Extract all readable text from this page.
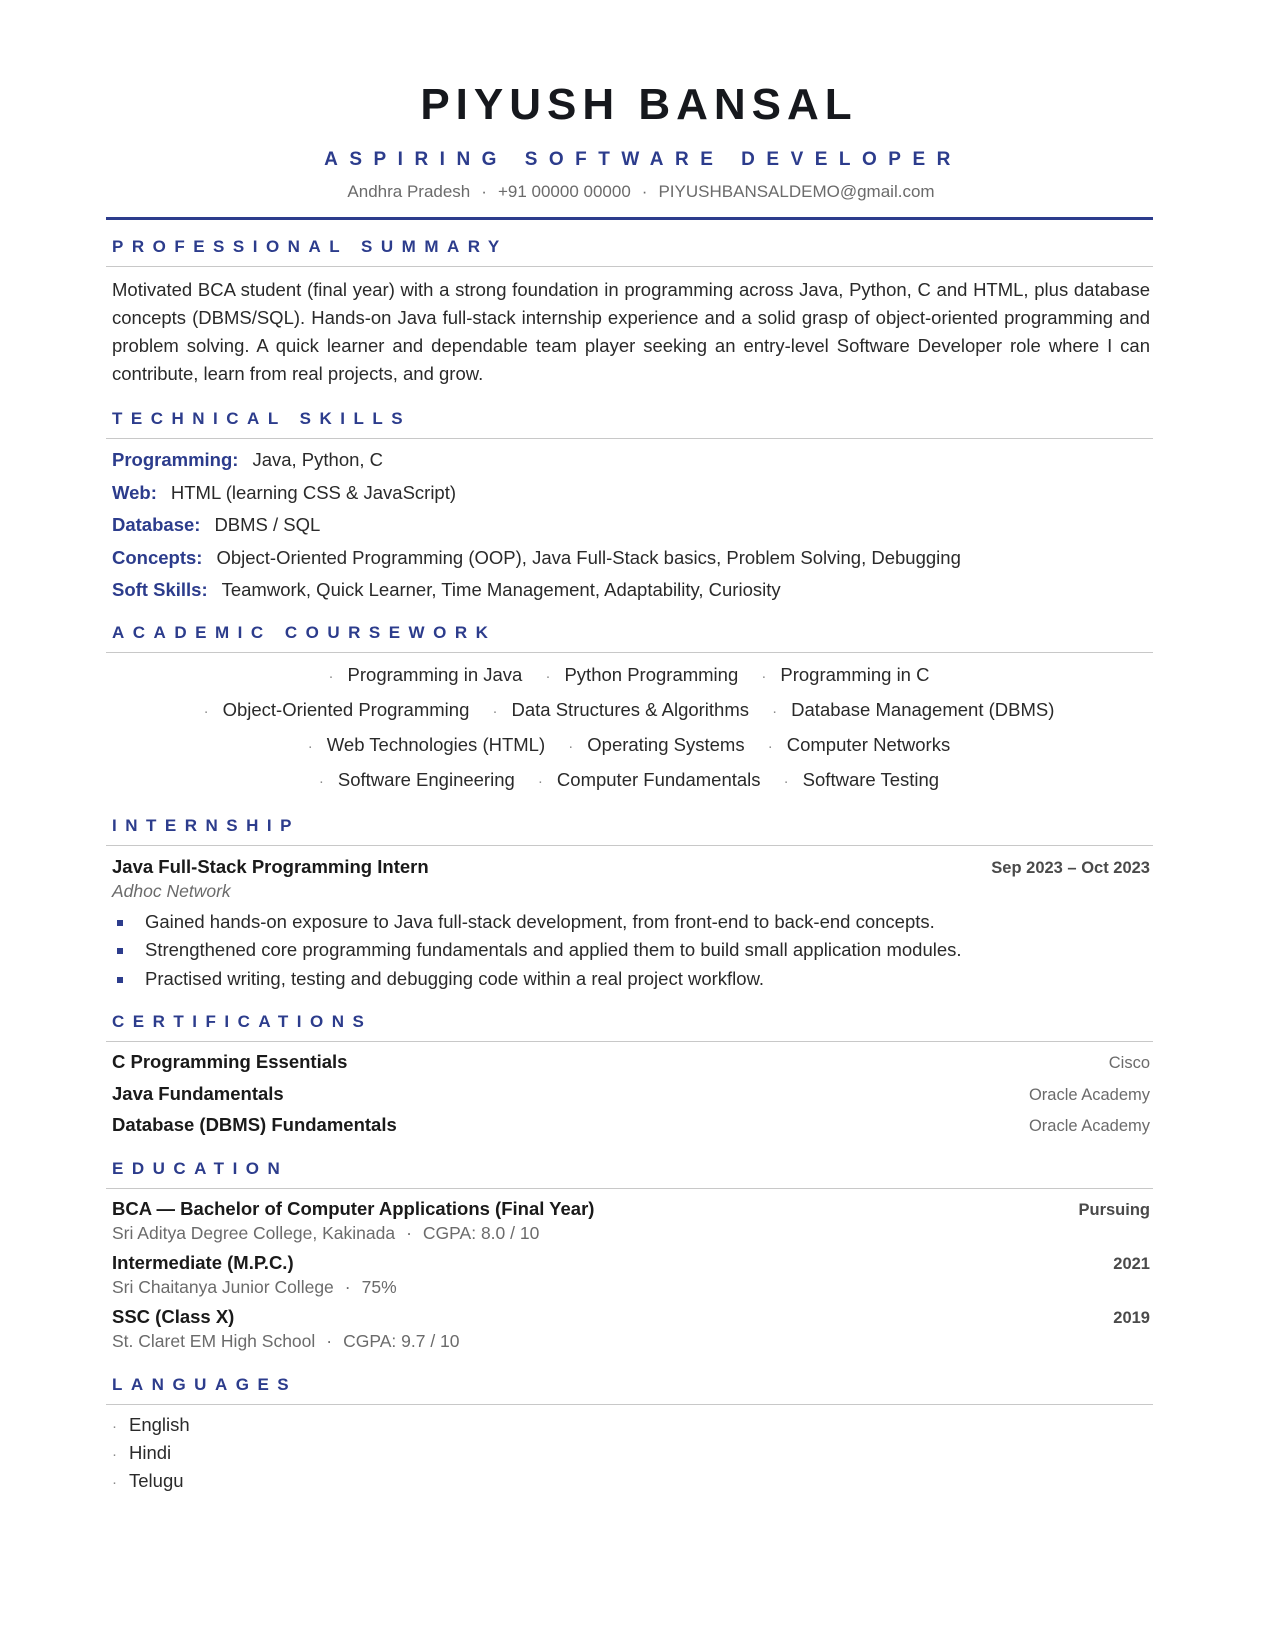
PIYUSH BANSAL
ASPIRING SOFTWARE DEVELOPER
Andhra Pradesh · +91 00000 00000 · PIYUSHBANSALDEMO@gmail.com
PROFESSIONAL SUMMARY
Motivated BCA student (final year) with a strong foundation in programming across Java, Python, C and HTML, plus database concepts (DBMS/SQL). Hands-on Java full-stack internship experience and a solid grasp of object-oriented programming and problem solving. A quick learner and dependable team player seeking an entry-level Software Developer role where I can contribute, learn from real projects, and grow.
TECHNICAL SKILLS
Programming: Java, Python, C
Web: HTML (learning CSS & JavaScript)
Database: DBMS / SQL
Concepts: Object-Oriented Programming (OOP), Java Full-Stack basics, Problem Solving, Debugging
Soft Skills: Teamwork, Quick Learner, Time Management, Adaptability, Curiosity
ACADEMIC COURSEWORK
· Programming in Java · Python Programming · Programming in C
· Object-Oriented Programming · Data Structures & Algorithms · Database Management (DBMS)
· Web Technologies (HTML) · Operating Systems · Computer Networks
· Software Engineering · Computer Fundamentals · Software Testing
INTERNSHIP
Java Full-Stack Programming Intern	Sep 2023 – Oct 2023
Adhoc Network
Gained hands-on exposure to Java full-stack development, from front-end to back-end concepts.
Strengthened core programming fundamentals and applied them to build small application modules.
Practised writing, testing and debugging code within a real project workflow.
CERTIFICATIONS
C Programming Essentials	Cisco
Java Fundamentals	Oracle Academy
Database (DBMS) Fundamentals	Oracle Academy
EDUCATION
BCA — Bachelor of Computer Applications (Final Year)	Pursuing
Sri Aditya Degree College, Kakinada · CGPA: 8.0 / 10
Intermediate (M.P.C.)	2021
Sri Chaitanya Junior College · 75%
SSC (Class X)	2019
St. Claret EM High School · CGPA: 9.7 / 10
LANGUAGES
· English
· Hindi
· Telugu
